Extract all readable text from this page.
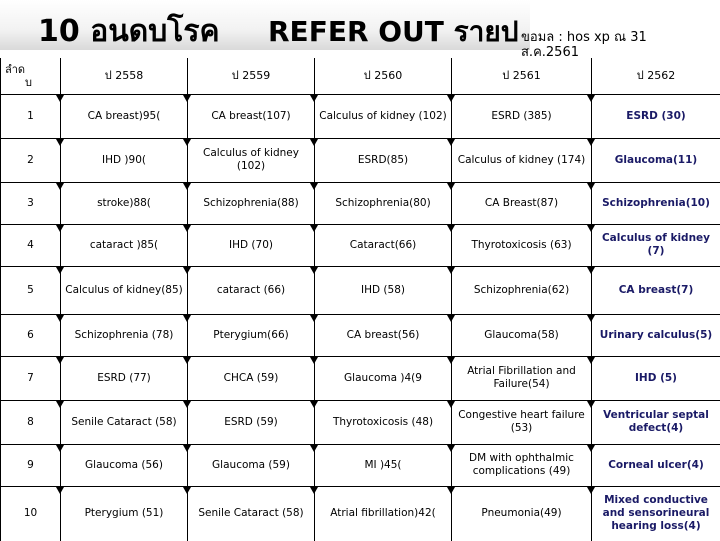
10 อนดบโรค REFER OUT รายป ขอมล : hos xp ณ 31
ส.ค.2561
ลำด
บ	ป 2558	ป 2559	ป 2560	ป 2561	ป 2562
1	CA breast)95(	CA breast(107)	Calculus of kidney (102)	ESRD (385)	ESRD (30)
2	IHD )90(	Calculus of kidney (102)	ESRD(85)	Calculus of kidney (174)	Glaucoma(11)
3	stroke)88(	Schizophrenia(88)	Schizophrenia(80)	CA Breast(87)	Schizophrenia(10)
4	cataract )85(	IHD (70)	Cataract(66)	Thyrotoxicosis (63)	Calculus of kidney (7)
5	Calculus of kidney(85)	cataract (66)	IHD (58)	Schizophrenia(62)	CA breast(7)
6	Schizophrenia (78)	Pterygium(66)	CA breast(56)	Glaucoma(58)	Urinary calculus(5)
7	ESRD (77)	CHCA (59)	Glaucoma )4(9	Atrial Fibrillation and Failure(54)	IHD (5)
8	Senile Cataract (58)	ESRD (59)	Thyrotoxicosis (48)	Congestive heart failure (53)	Ventricular septal defect(4)
9	Glaucoma (56)	Glaucoma (59)	MI )45(	DM with ophthalmic complications (49)	Corneal ulcer(4)
10	Pterygium (51)	Senile Cataract (58)	Atrial fibrillation)42(	Pneumonia(49)	Mixed conductive and sensorineural hearing loss(4)
